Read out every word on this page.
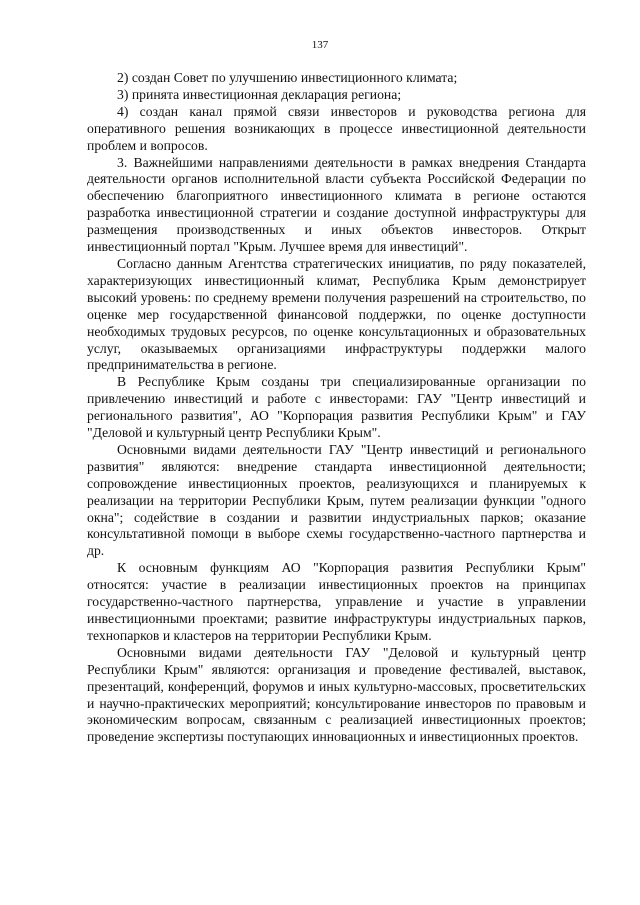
137

2) создан Совет по улучшению инвестиционного климата;

3) принята инвестиционная декларация региона;

4) создан канал прямой связи инвесторов и руководства региона для оперативного решения возникающих в процессе инвестиционной деятельности проблем и вопросов.

3. Важнейшими направлениями деятельности в рамках внедрения Стандарта деятельности органов исполнительной власти субъекта Российской Федерации по обеспечению благоприятного инвестиционного климата в регионе остаются разработка инвестиционной стратегии и создание доступной инфраструктуры для размещения производственных и иных объектов инвесторов. Открыт инвестиционный портал "Крым. Лучшее время для инвестиций".

Согласно данным Агентства стратегических инициатив, по ряду показателей, характеризующих инвестиционный климат, Республика Крым демонстрирует высокий уровень: по среднему времени получения разрешений на строительство, по оценке мер государственной финансовой поддержки, по оценке доступности необходимых трудовых ресурсов, по оценке консультационных и образовательных услуг, оказываемых организациями инфраструктуры поддержки малого предпринимательства в регионе.

В Республике Крым созданы три специализированные организации по привлечению инвестиций и работе с инвесторами: ГАУ "Центр инвестиций и регионального развития", АО "Корпорация развития Республики Крым" и ГАУ "Деловой и культурный центр Республики Крым".

Основными видами деятельности ГАУ "Центр инвестиций и регионального развития" являются: внедрение стандарта инвестиционной деятельности; сопровождение инвестиционных проектов, реализующихся и планируемых к реализации на территории Республики Крым, путем реализации функции "одного окна"; содействие в создании и развитии индустриальных парков; оказание консультативной помощи в выборе схемы государственно-частного партнерства и др.

К основным функциям АО "Корпорация развития Республики Крым" относятся: участие в реализации инвестиционных проектов на принципах государственно-частного партнерства, управление и участие в управлении инвестиционными проектами; развитие инфраструктуры индустриальных парков, технопарков и кластеров на территории Республики Крым.

Основными видами деятельности ГАУ "Деловой и культурный центр Республики Крым" являются: организация и проведение фестивалей, выставок, презентаций, конференций, форумов и иных культурно-массовых, просветительских и научно-практических мероприятий; консультирование инвесторов по правовым и экономическим вопросам, связанным с реализацией инвестиционных проектов; проведение экспертизы поступающих инновационных и инвестиционных проектов.
